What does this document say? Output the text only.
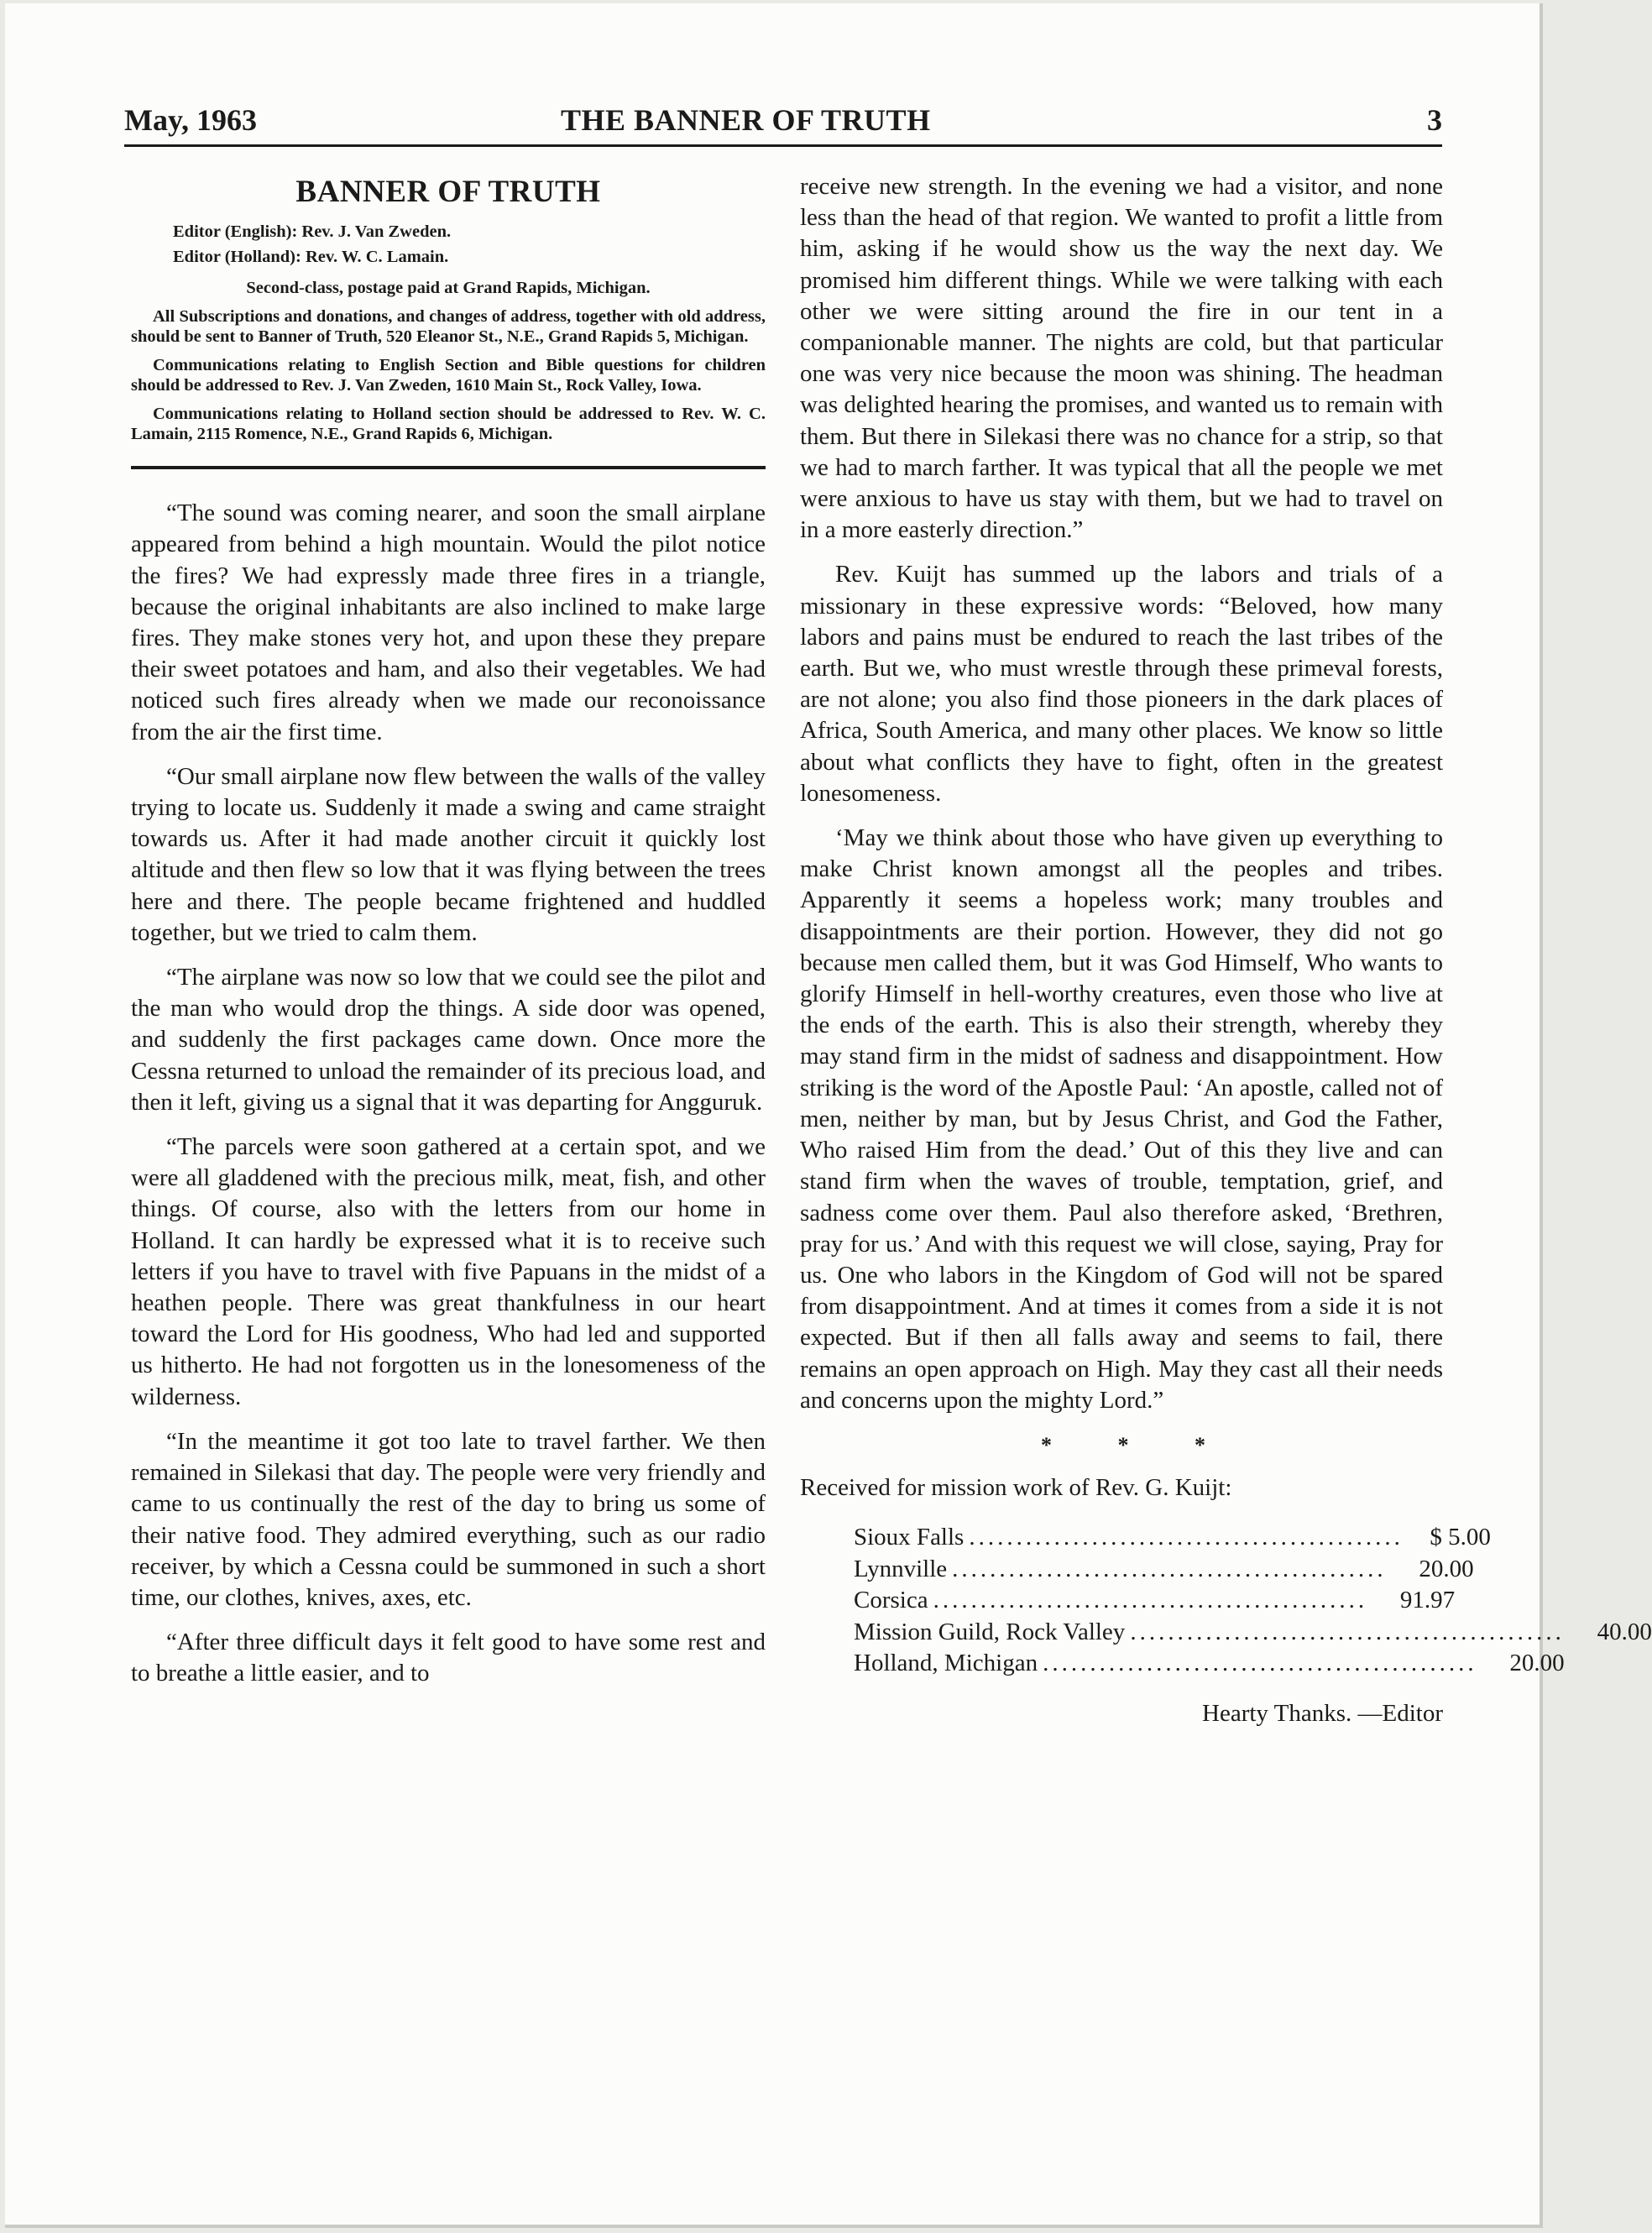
May, 1963	THE BANNER OF TRUTH	3
BANNER OF TRUTH
Editor (English): Rev. J. Van Zweden.
Editor (Holland): Rev. W. C. Lamain.
Second-class, postage paid at Grand Rapids, Michigan.
All Subscriptions and donations, and changes of address, together with old address, should be sent to Banner of Truth, 520 Eleanor St., N.E., Grand Rapids 5, Michigan.
Communications relating to English Section and Bible questions for children should be addressed to Rev. J. Van Zweden, 1610 Main St., Rock Valley, Iowa.
Communications relating to Holland section should be addressed to Rev. W. C. Lamain, 2115 Romence, N.E., Grand Rapids 6, Michigan.

“The sound was coming nearer, and soon the small airplane appeared from behind a high mountain. Would the pilot notice the fires? We had expressly made three fires in a triangle, because the original inhabitants are also inclined to make large fires. They make stones very hot, and upon these they prepare their sweet potatoes and ham, and also their vegetables. We had noticed such fires already when we made our reconoissance from the air the first time.

“Our small airplane now flew between the walls of the valley trying to locate us. Suddenly it made a swing and came straight towards us. After it had made another circuit it quickly lost altitude and then flew so low that it was flying between the trees here and there. The people became frightened and huddled together, but we tried to calm them.

“The airplane was now so low that we could see the pilot and the man who would drop the things. A side door was opened, and suddenly the first packages came down. Once more the Cessna returned to unload the remainder of its precious load, and then it left, giving us a signal that it was departing for Angguruk.

“The parcels were soon gathered at a certain spot, and we were all gladdened with the precious milk, meat, fish, and other things. Of course, also with the letters from our home in Holland. It can hardly be expressed what it is to receive such letters if you have to travel with five Papuans in the midst of a heathen people. There was great thankfulness in our heart toward the Lord for His goodness, Who had led and supported us hitherto. He had not forgotten us in the lonesomeness of the wilderness.

“In the meantime it got too late to travel farther. We then remained in Silekasi that day. The people were very friendly and came to us continually the rest of the day to bring us some of their native food. They admired everything, such as our radio receiver, by which a Cessna could be summoned in such a short time, our clothes, knives, axes, etc.

“After three difficult days it felt good to have some rest and to breathe a little easier, and to

receive new strength. In the evening we had a visitor, and none less than the head of that region. We wanted to profit a little from him, asking if he would show us the way the next day. We promised him different things. While we were talking with each other we were sitting around the fire in our tent in a companionable manner. The nights are cold, but that particular one was very nice because the moon was shining. The headman was delighted hearing the promises, and wanted us to remain with them. But there in Silekasi there was no chance for a strip, so that we had to march farther. It was typical that all the people we met were anxious to have us stay with them, but we had to travel on in a more easterly direction.”

Rev. Kuijt has summed up the labors and trials of a missionary in these expressive words: “Beloved, how many labors and pains must be endured to reach the last tribes of the earth. But we, who must wrestle through these primeval forests, are not alone; you also find those pioneers in the dark places of Africa, South America, and many other places. We know so little about what conflicts they have to fight, often in the greatest lonesomeness.

‘May we think about those who have given up everything to make Christ known amongst all the peoples and tribes. Apparently it seems a hopeless work; many troubles and disappointments are their portion. However, they did not go because men called them, but it was God Himself, Who wants to glorify Himself in hell-worthy creatures, even those who live at the ends of the earth. This is also their strength, whereby they may stand firm in the midst of sadness and disappointment. How striking is the word of the Apostle Paul: ‘An apostle, called not of men, neither by man, but by Jesus Christ, and God the Father, Who raised Him from the dead.’ Out of this they live and can stand firm when the waves of trouble, temptation, grief, and sadness come over them. Paul also therefore asked, ‘Brethren, pray for us.’ And with this request we will close, saying, Pray for us. One who labors in the Kingdom of God will not be spared from disappointment. And at times it comes from a side it is not expected. But if then all falls away and seems to fail, there remains an open approach on High. May they cast all their needs and concerns upon the mighty Lord.”

* * *

Received for mission work of Rev. G. Kuijt:

Sioux Falls ..............................................	$ 5.00
Lynnville ..............................................	20.00
Corsica ..............................................	91.97
Mission Guild, Rock Valley ..............................................	40.00
Holland, Michigan ..............................................	20.00
Hearty Thanks. —Editor
